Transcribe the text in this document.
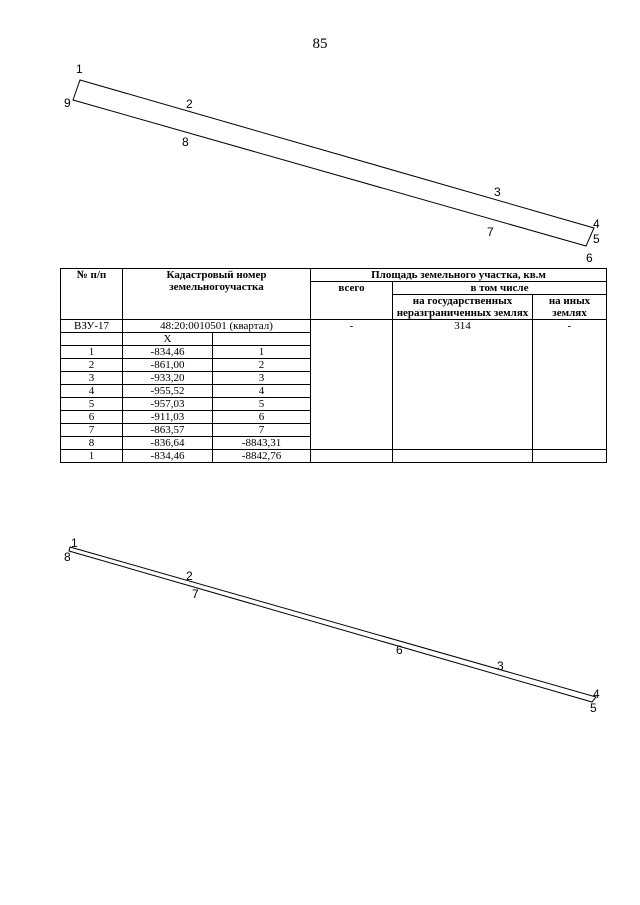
85
1
2
8
3
7
4
5
6
9
№ п/п	Кадастровый номер земельногоучастка		Площадь земельного участка, кв.м		
			всего	в том числе	
				на государственных неразграниченных землях	на иных землях
ВЗУ-17	48:20:0010501 (квартал)		-	314	-
	X				
1	-834,46	1			
2	-861,00	2			
3	-933,20	3			
4	-955,52	4			
5	-957,03	5			
6	-911,03	6			
7	-863,57	7			
8	-836,64	-8843,31			
1	-834,46	-8842,76			
1
8
2
7
6
3
4
5
